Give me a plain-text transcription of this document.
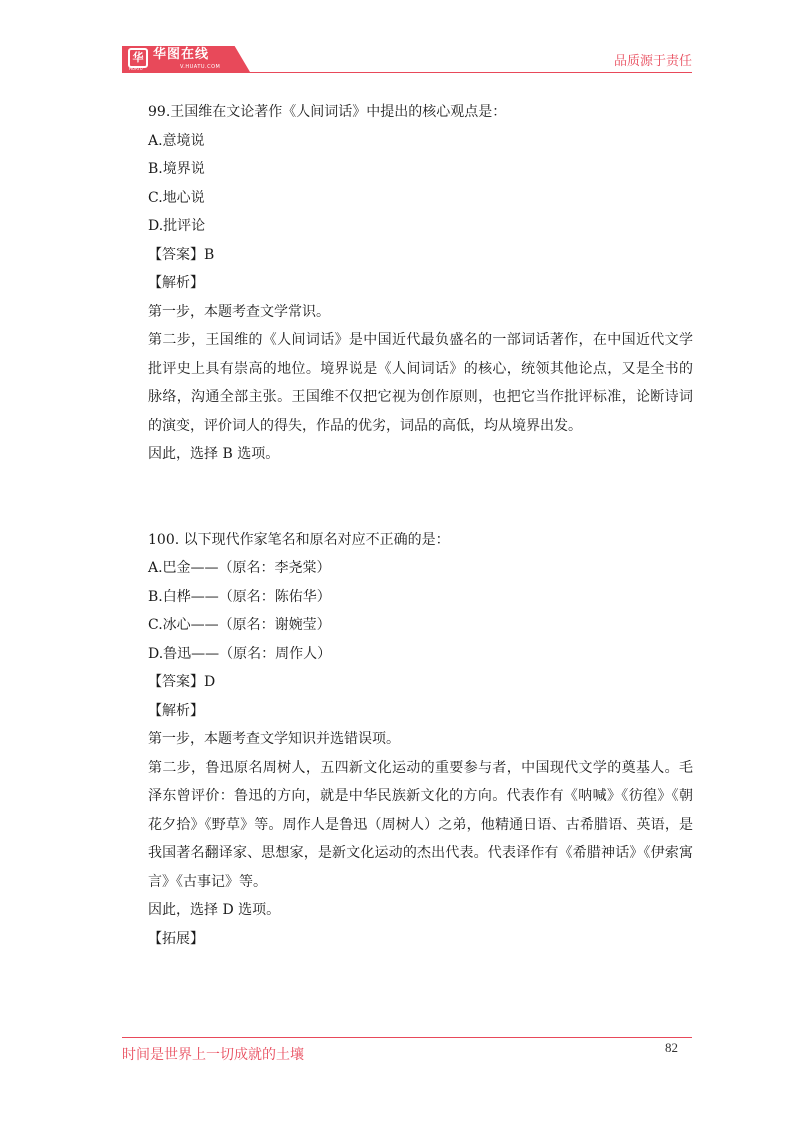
华 华图在线
HUATU	V.HUATU.COM	品质源于责任

99.王国维在文论著作《人间词话》中提出的核心观点是：

A.意境说

B.境界说

C.地心说

D.批评论

【答案】B

【解析】

第一步，本题考查文学常识。

第二步，王国维的《人间词话》是中国近代最负盛名的一部词话著作，在中国近代文学批评史上具有崇高的地位。境界说是《人间词话》的核心，统领其他论点，又是全书的脉络，沟通全部主张。王国维不仅把它视为创作原则，也把它当作批评标准，论断诗词的演变，评价词人的得失，作品的优劣，词品的高低，均从境界出发。

因此，选择 B 选项。

100. 以下现代作家笔名和原名对应不正确的是：

A.巴金——（原名：李尧棠）

B.白桦——（原名：陈佑华）

C.冰心——（原名：谢婉莹）

D.鲁迅——（原名：周作人）

【答案】D

【解析】

第一步，本题考查文学知识并选错误项。

第二步，鲁迅原名周树人，五四新文化运动的重要参与者，中国现代文学的奠基人。毛泽东曾评价：鲁迅的方向，就是中华民族新文化的方向。代表作有《呐喊》《彷徨》《朝花夕拾》《野草》等。周作人是鲁迅（周树人）之弟，他精通日语、古希腊语、英语，是我国著名翻译家、思想家，是新文化运动的杰出代表。代表译作有《希腊神话》《伊索寓言》《古事记》等。

因此，选择 D 选项。

【拓展】

时间是世界上一切成就的土壤	82
